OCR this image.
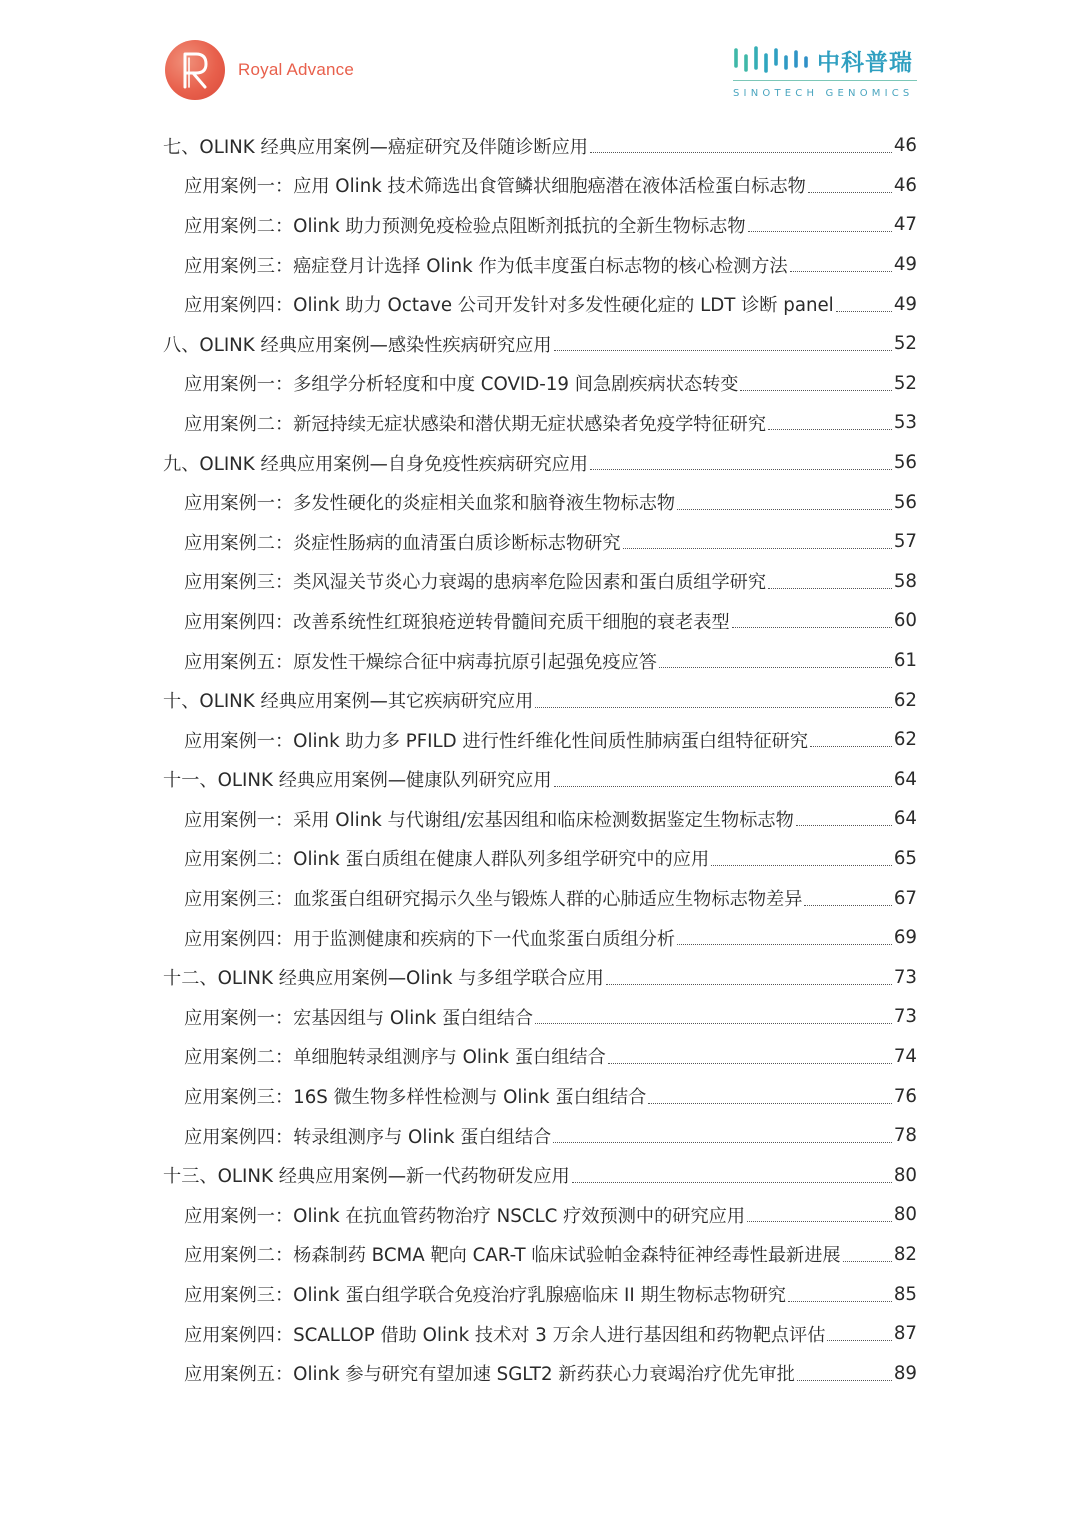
Royal Advance	中科普瑞
SINOTECH GENOMICS
七、OLINK 经典应用案例—癌症研究及伴随诊断应用	46
应用案例一：应用 Olink 技术筛选出食管鳞状细胞癌潜在液体活检蛋白标志物	46
应用案例二：Olink 助力预测免疫检验点阻断剂抵抗的全新生物标志物	47
应用案例三：癌症登月计选择 Olink 作为低丰度蛋白标志物的核心检测方法	49
应用案例四：Olink 助力 Octave 公司开发针对多发性硬化症的 LDT 诊断 panel	49
八、OLINK 经典应用案例—感染性疾病研究应用	52
应用案例一：多组学分析轻度和中度 COVID-19 间急剧疾病状态转变	52
应用案例二：新冠持续无症状感染和潜伏期无症状感染者免疫学特征研究	53
九、OLINK 经典应用案例—自身免疫性疾病研究应用	56
应用案例一：多发性硬化的炎症相关血浆和脑脊液生物标志物	56
应用案例二：炎症性肠病的血清蛋白质诊断标志物研究	57
应用案例三：类风湿关节炎心力衰竭的患病率危险因素和蛋白质组学研究	58
应用案例四：改善系统性红斑狼疮逆转骨髓间充质干细胞的衰老表型	60
应用案例五：原发性干燥综合征中病毒抗原引起强免疫应答	61
十、OLINK 经典应用案例—其它疾病研究应用	62
应用案例一：Olink 助力多 PFILD 进行性纤维化性间质性肺病蛋白组特征研究	62
十一、OLINK 经典应用案例—健康队列研究应用	64
应用案例一：采用 Olink 与代谢组/宏基因组和临床检测数据鉴定生物标志物	64
应用案例二：Olink 蛋白质组在健康人群队列多组学研究中的应用	65
应用案例三：血浆蛋白组研究揭示久坐与锻炼人群的心肺适应生物标志物差异	67
应用案例四：用于监测健康和疾病的下一代血浆蛋白质组分析	69
十二、OLINK 经典应用案例—Olink 与多组学联合应用	73
应用案例一：宏基因组与 Olink 蛋白组结合	73
应用案例二：单细胞转录组测序与 Olink 蛋白组结合	74
应用案例三：16S 微生物多样性检测与 Olink 蛋白组结合	76
应用案例四：转录组测序与 Olink 蛋白组结合	78
十三、OLINK 经典应用案例—新一代药物研发应用	80
应用案例一：Olink 在抗血管药物治疗 NSCLC 疗效预测中的研究应用	80
应用案例二：杨森制药 BCMA 靶向 CAR-T 临床试验帕金森特征神经毒性最新进展	82
应用案例三：Olink 蛋白组学联合免疫治疗乳腺癌临床 II 期生物标志物研究	85
应用案例四：SCALLOP 借助 Olink 技术对 3 万余人进行基因组和药物靶点评估	87
应用案例五：Olink 参与研究有望加速 SGLT2 新药获心力衰竭治疗优先审批	89
